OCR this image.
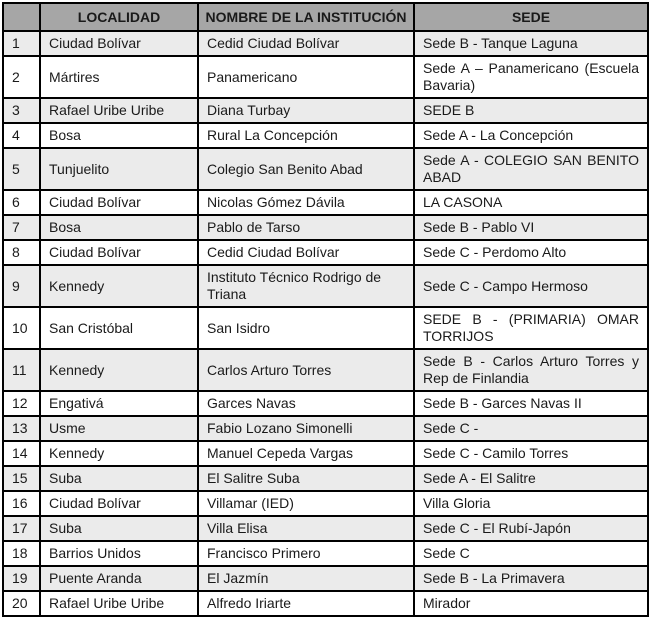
	LOCALIDAD	NOMBRE DE LA INSTITUCIÓN	SEDE
1	Ciudad Bolívar	Cedid Ciudad Bolívar	Sede B - Tanque Laguna
2	Mártires	Panamericano	Sede A – Panamericano (Escuela Bavaria)
3	Rafael Uribe Uribe	Diana Turbay	SEDE B
4	Bosa	Rural La Concepción	Sede A - La Concepción
5	Tunjuelito	Colegio San Benito Abad	Sede A - COLEGIO SAN BENITO ABAD
6	Ciudad Bolívar	Nicolas Gómez Dávila	LA CASONA
7	Bosa	Pablo de Tarso	Sede B - Pablo VI
8	Ciudad Bolívar	Cedid Ciudad Bolívar	Sede C - Perdomo Alto
9	Kennedy	Instituto Técnico Rodrigo de Triana	Sede C - Campo Hermoso
10	San Cristóbal	San Isidro	SEDE B - (PRIMARIA) OMAR TORRIJOS
11	Kennedy	Carlos Arturo Torres	Sede B - Carlos Arturo Torres y Rep de Finlandia
12	Engativá	Garces Navas	Sede B - Garces Navas II
13	Usme	Fabio Lozano Simonelli	Sede C -
14	Kennedy	Manuel Cepeda Vargas	Sede C - Camilo Torres
15	Suba	El Salitre Suba	Sede A - El Salitre
16	Ciudad Bolívar	Villamar (IED)	Villa Gloria
17	Suba	Villa Elisa	Sede C - El Rubí-Japón
18	Barrios Unidos	Francisco Primero	Sede C
19	Puente Aranda	El Jazmín	Sede B - La Primavera
20	Rafael Uribe Uribe	Alfredo Iriarte	Mirador
